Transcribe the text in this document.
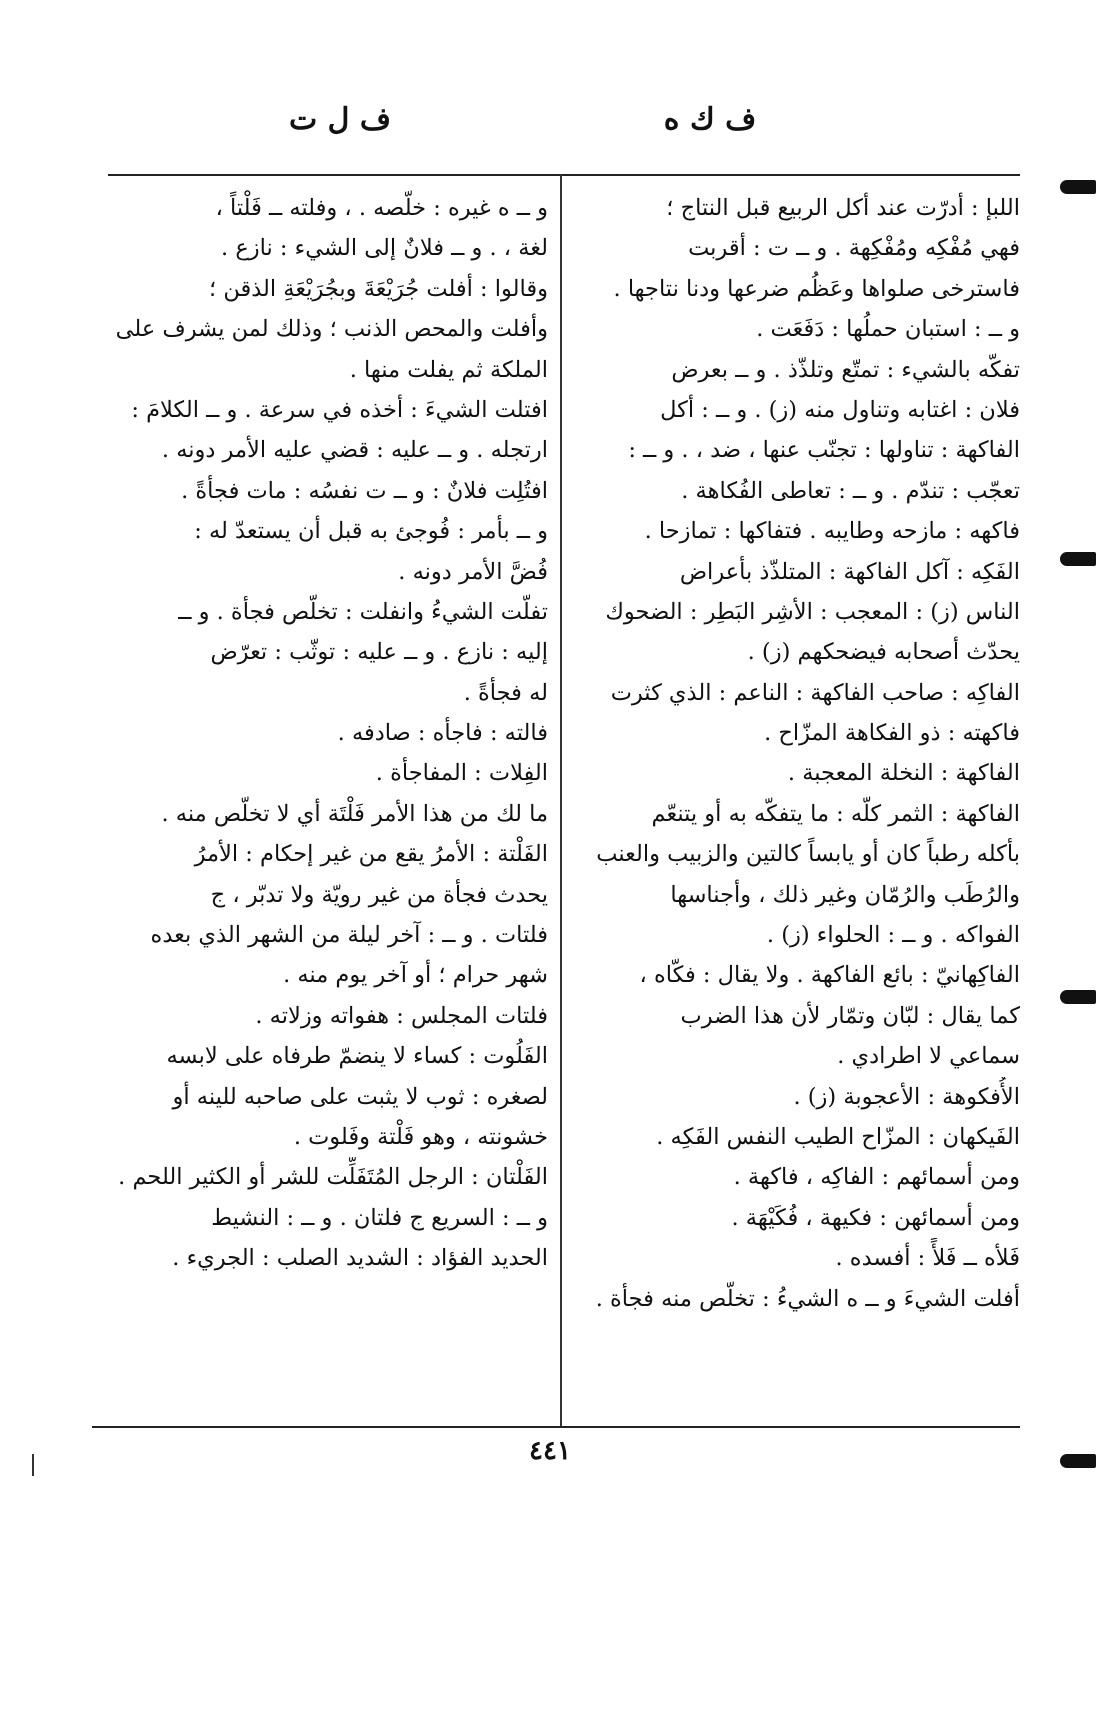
ف ك ه
ف ل ت
اللبإ : أدرّت عند أكل الربيع قبل النتاج ؛
فهي مُفْكِه ومُفْكِهة . و ــ ت : أقربت
فاسترخى صلواها وعَظُم ضرعها ودنا نتاجها .
و ــ : استبان حملُها : دَفَعَت .
تفكّه بالشيء : تمتّع وتلذّذ . و ــ بعرض
فلان : اغتابه وتناول منه (ز) . و ــ : أكل
الفاكهة : تناولها : تجنّب عنها ، ضد ، . و ــ :
تعجّب : تندّم . و ــ : تعاطى الفُكاهة .
فاكهه : مازحه وطايبه . فتفاكها : تمازحا .
الفَكِه : آكل الفاكهة : المتلذّذ بأعراض
الناس (ز) : المعجب : الأشِر البَطِر : الضحوك
يحدّث أصحابه فيضحكهم (ز) .
الفاكِه : صاحب الفاكهة : الناعم : الذي كثرت
فاكهته : ذو الفكاهة المزّاح .
الفاكهة : النخلة المعجبة .
الفاكهة : الثمر كلّه : ما يتفكّه به أو يتنعّم
بأكله رطباً كان أو يابساً كالتين والزبيب والعنب
والرُطَب والرُمّان وغير ذلك ، وأجناسها
الفواكه . و ــ : الحلواء (ز) .
الفاكِهانيّ : بائع الفاكهة . ولا يقال : فكّاه ،
كما يقال : لبّان وتمّار لأن هذا الضرب
سماعي لا اطرادي .
الأُفكوهة : الأعجوبة (ز) .
الفَيكهان : المزّاح الطيب النفس الفَكِه .
ومن أسمائهم : الفاكِه ، فاكهة .
ومن أسمائهن : فكيهة ، فُكَيْهَة .
فَلأه ــ فَلأً : أفسده .
أفلت الشيءَ و ــ ه الشيءُ : تخلّص منه فجأة .
و ــ ه غيره : خلّصه . ، وفلته ــ فَلْتاً ،
لغة ، . و ــ فلانٌ إلى الشيء : نازع .
وقالوا : أفلت جُرَيْعَةَ وبجُرَيْعَةِ الذقن ؛
وأفلت والمحص الذنب ؛ وذلك لمن يشرف على
الملكة ثم يفلت منها .
افتلت الشيءَ : أخذه في سرعة . و ــ الكلامَ :
ارتجله . و ــ عليه : قضي عليه الأمر دونه .
افتُلِت فلانٌ : و ــ ت نفسُه : مات فجأةً .
و ــ بأمر : فُوجئ به قبل أن يستعدّ له :
فُضَّ الأمر دونه .
تفلّت الشيءُ وانفلت : تخلّص فجأة . و ــ
إليه : نازع . و ــ عليه : توثّب : تعرّض
له فجأةً .
فالته : فاجأه : صادفه .
الفِلات : المفاجأة .
ما لك من هذا الأمر فَلْتَة أي لا تخلّص منه .
الفَلْتة : الأمرُ يقع من غير إحكام : الأمرُ
يحدث فجأة من غير رويّة ولا تدبّر ، ج
فلتات . و ــ : آخر ليلة من الشهر الذي بعده
شهر حرام ؛ أو آخر يوم منه .
فلتات المجلس : هفواته وزلاته .
الفَلُوت : كساء لا ينضمّ طرفاه على لابسه
لصغره : ثوب لا يثبت على صاحبه للينه أو
خشونته ، وهو فَلْتة وفَلوت .
الفَلْتان : الرجل المُتَفَلِّت للشر أو الكثير اللحم .
و ــ : السريع ج فلتان . و ــ : النشيط
الحديد الفؤاد : الشديد الصلب : الجريء .
٤٤١
